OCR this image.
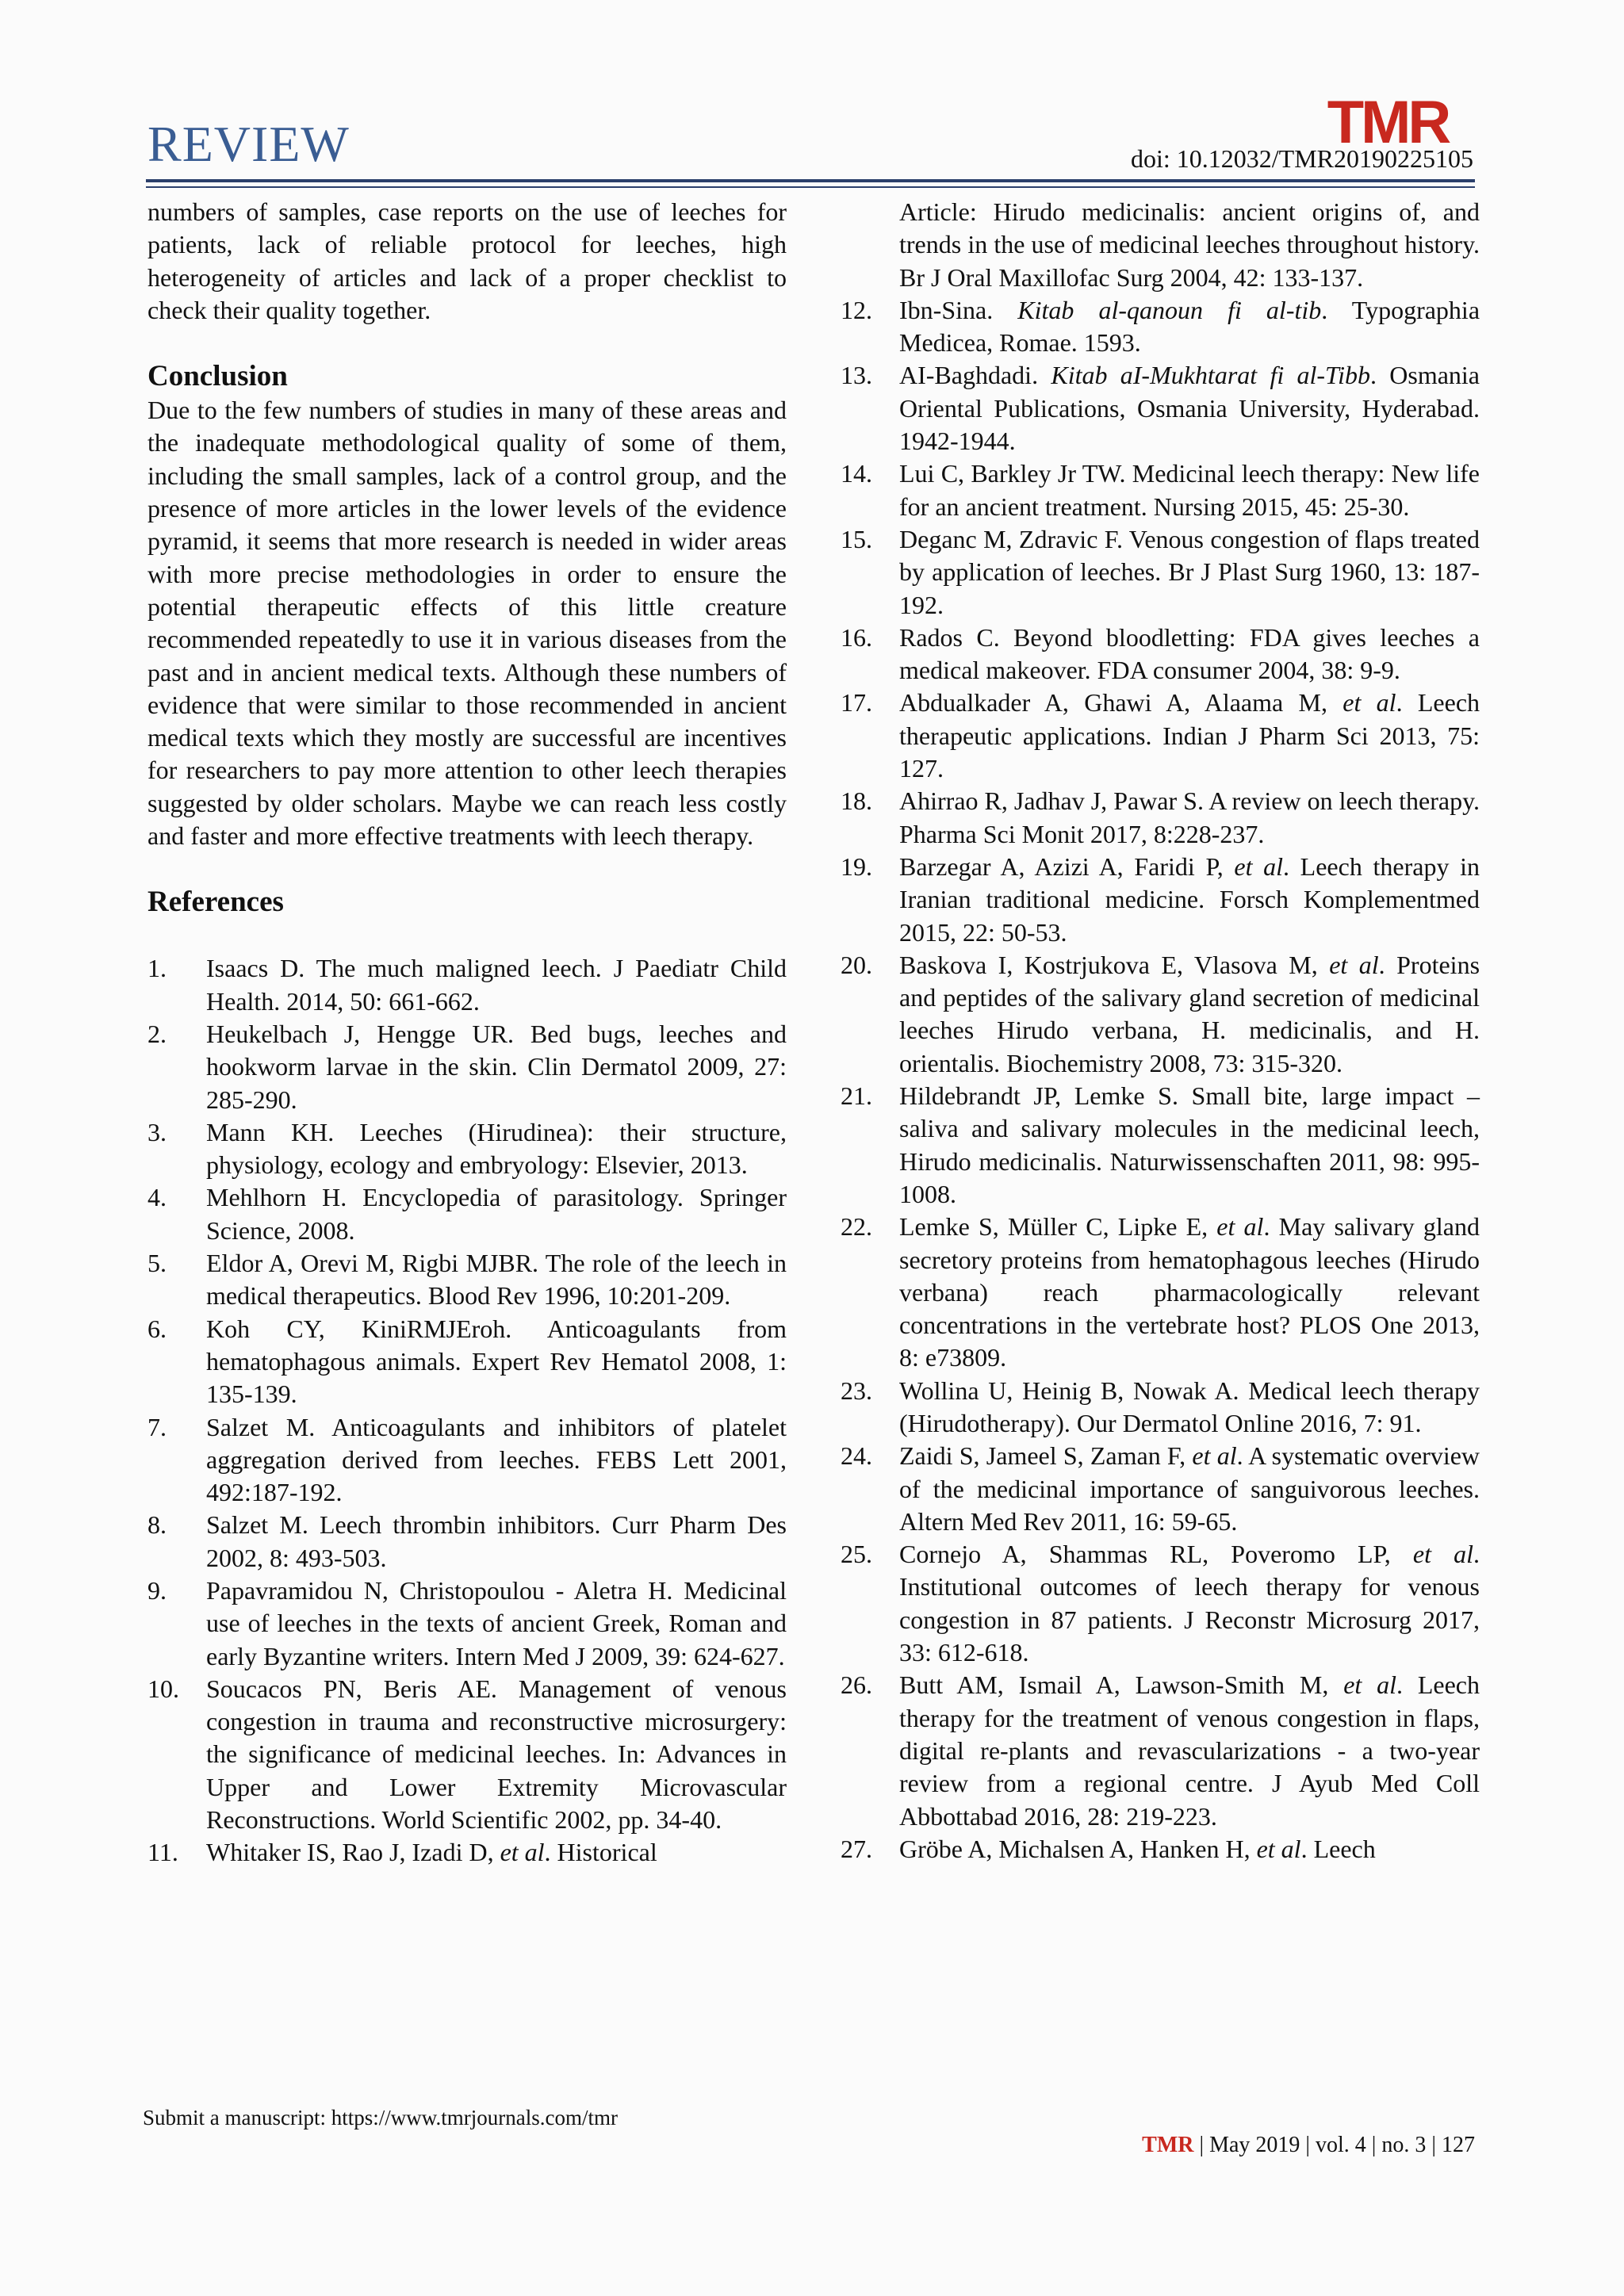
REVIEW	TMR
doi: 10.12032/TMR20190225105

numbers of samples, case reports on the use of leeches for patients, lack of reliable protocol for leeches, high heterogeneity of articles and lack of a proper checklist to check their quality together.

Conclusion

Due to the few numbers of studies in many of these areas and the inadequate methodological quality of some of them, including the small samples, lack of a control group, and the presence of more articles in the lower levels of the evidence pyramid, it seems that more research is needed in wider areas with more precise methodologies in order to ensure the potential therapeutic effects of this little creature recommended repeatedly to use it in various diseases from the past and in ancient medical texts. Although these numbers of evidence that were similar to those recommended in ancient medical texts which they mostly are successful are incentives for researchers to pay more attention to other leech therapies suggested by older scholars. Maybe we can reach less costly and faster and more effective treatments with leech therapy.

References
1. Isaacs D. The much maligned leech. J Paediatr Child Health. 2014, 50: 661-662.
2. Heukelbach J, Hengge UR. Bed bugs, leeches and hookworm larvae in the skin. Clin Dermatol 2009, 27: 285-290.
3. Mann KH. Leeches (Hirudinea): their structure, physiology, ecology and embryology: Elsevier, 2013.
4. Mehlhorn H. Encyclopedia of parasitology. Springer Science, 2008.
5. Eldor A, Orevi M, Rigbi MJBR. The role of the leech in medical therapeutics. Blood Rev 1996, 10:201-209.
6. Koh CY, KiniRMJEroh. Anticoagulants from hematophagous animals. Expert Rev Hematol 2008, 1: 135-139.
7. Salzet M. Anticoagulants and inhibitors of platelet aggregation derived from leeches. FEBS Lett 2001, 492:187-192.
8. Salzet M. Leech thrombin inhibitors. Curr Pharm Des 2002, 8: 493-503.
9. Papavramidou N, Christopoulou ‐ Aletra H. Medicinal use of leeches in the texts of ancient Greek, Roman and early Byzantine writers. Intern Med J 2009, 39: 624-627.
10. Soucacos PN, Beris AE. Management of venous congestion in trauma and reconstructive microsurgery: the significance of medicinal leeches. In: Advances in Upper and Lower Extremity Microvascular Reconstructions. World Scientific 2002, pp. 34-40.
11. Whitaker IS, Rao J, Izadi D, et al. Historical
Article: Hirudo medicinalis: ancient origins of, and trends in the use of medicinal leeches throughout history. Br J Oral Maxillofac Surg 2004, 42: 133-137.
12. Ibn-Sina. Kitab al-qanoun fi al-tib. Typographia Medicea, Romae. 1593.
13. AI-Baghdadi. Kitab aI-Mukhtarat fi al-Tibb. Osmania Oriental Publications, Osmania University, Hyderabad. 1942-1944.
14. Lui C, Barkley Jr TW. Medicinal leech therapy: New life for an ancient treatment. Nursing 2015, 45: 25-30.
15. Deganc M, Zdravic F. Venous congestion of flaps treated by application of leeches. Br J Plast Surg 1960, 13: 187-192.
16. Rados C. Beyond bloodletting: FDA gives leeches a medical makeover. FDA consumer 2004, 38: 9-9.
17. Abdualkader A, Ghawi A, Alaama M, et al. Leech therapeutic applications. Indian J Pharm Sci 2013, 75: 127.
18. Ahirrao R, Jadhav J, Pawar S. A review on leech therapy. Pharma Sci Monit 2017, 8:228-237.
19. Barzegar A, Azizi A, Faridi P, et al. Leech therapy in Iranian traditional medicine. Forsch Komplementmed 2015, 22: 50-53.
20. Baskova I, Kostrjukova E, Vlasova M, et al. Proteins and peptides of the salivary gland secretion of medicinal leeches Hirudo verbana, H. medicinalis, and H. orientalis. Biochemistry 2008, 73: 315-320.
21. Hildebrandt JP, Lemke S. Small bite, large impact ‒ saliva and salivary molecules in the medicinal leech, Hirudo medicinalis. Naturwissenschaften 2011, 98: 995-1008.
22. Lemke S, Müller C, Lipke E, et al. May salivary gland secretory proteins from hematophagous leeches (Hirudo verbana) reach pharmacologically relevant concentrations in the vertebrate host? PLOS One 2013, 8: e73809.
23. Wollina U, Heinig B, Nowak A. Medical leech therapy (Hirudotherapy). Our Dermatol Online 2016, 7: 91.
24. Zaidi S, Jameel S, Zaman F, et al. A systematic overview of the medicinal importance of sanguivorous leeches. Altern Med Rev 2011, 16: 59-65.
25. Cornejo A, Shammas RL, Poveromo LP, et al. Institutional outcomes of leech therapy for venous congestion in 87 patients. J Reconstr Microsurg 2017, 33: 612-618.
26. Butt AM, Ismail A, Lawson-Smith M, et al. Leech therapy for the treatment of venous congestion in flaps, digital re-plants and revascularizations - a two-year review from a regional centre. J Ayub Med Coll Abbottabad 2016, 28: 219-223.
27. Gröbe A, Michalsen A, Hanken H, et al. Leech
Submit a manuscript: https://www.tmrjournals.com/tmr
TMR | May 2019 | vol. 4 | no. 3 | 127
